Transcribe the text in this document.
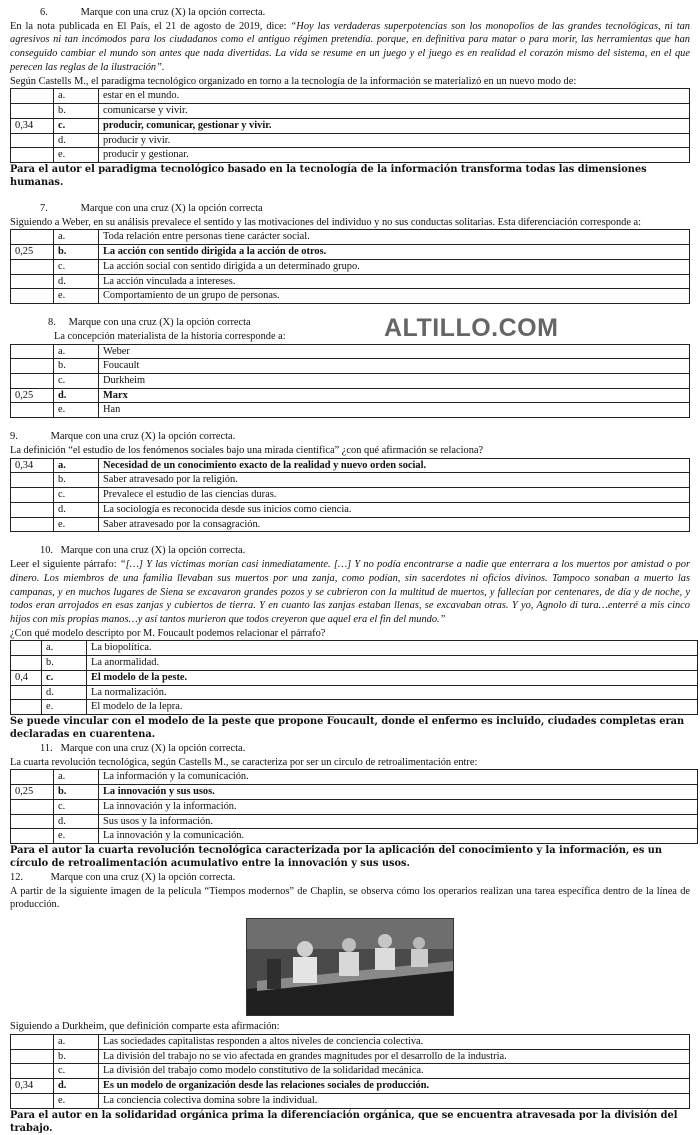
ALTILLO.COM
6.	Marque con una cruz (X) la opción correcta.

En la nota publicada en El País, el 21 de agosto de 2019, dice: “Hoy las verdaderas superpotencias son los monopolios de las grandes tecnológicas, ni tan agresivos ni tan incómodos para los ciudadanos como el antiguo régimen pretendía. porque, en definitiva para matar o para morir, las herramientas que han conseguido cambiar el mundo son antes que nada divertidas. La vida se resume en un juego y el juego es en realidad el corazón mismo del sistema, en el que perecen las reglas de la ilustración”.

Según Castells M., el paradigma tecnológico organizado en torno a la tecnología de la información se materializó en un nuevo modo de:

	a.	estar en el mundo.
	b.	comunicarse y vivir.
0,34	c.	producir, comunicar, gestionar y vivir.
	d.	producir y vivir.
	e.	producir y gestionar.

Para el autor el paradigma tecnológico basado en la tecnología de la información transforma todas las dimensiones humanas.

7.	Marque con una cruz (X) la opción correcta

Siguiendo a Weber, en su análisis prevalece el sentido y las motivaciones del individuo y no sus conductas solitarias. Esta diferenciación corresponde a:

	a.	Toda relación entre personas tiene carácter social.
0,25	b.	La acción con sentido dirigida a la acción de otros.
	c.	La acción social con sentido dirigida a un determinado grupo.
	d.	La acción vinculada a intereses.
	e.	Comportamiento de un grupo de personas.
8. Marque con una cruz (X) la opción correcta

La concepción materialista de la historia corresponde a:

	a.	Weber
	b.	Foucault
	c.	Durkheim
0,25	d.	Marx
	e.	Han
9.	Marque con una cruz (X) la opción correcta.

La definición “el estudio de los fenómenos sociales bajo una mirada científica” ¿con qué afirmación se relaciona?

0,34	a.	Necesidad de un conocimiento exacto de la realidad y nuevo orden social.
	b.	Saber atravesado por la religión.
	c.	Prevalece el estudio de las ciencias duras.
	d.	La sociología es reconocida desde sus inicios como ciencia.
	e.	Saber atravesado por la consagración.
10. Marque con una cruz (X) la opción correcta.

Leer el siguiente párrafo: “[…] Y las víctimas morían casi inmediatamente. […] Y no podía encontrarse a nadie que enterrara a los muertos por amistad o por dinero. Los miembros de una familia llevaban sus muertos por una zanja, como podían, sin sacerdotes ni oficios divinos. Tampoco sonaban a muerto las campanas, y en muchos lugares de Siena se excavaron grandes pozos y se cubrieron con la multitud de muertos, y fallecían por centenares, de día y de noche, y todos eran arrojados en esas zanjas y cubiertos de tierra. Y en cuanto las zanjas estaban llenas, se excavaban otras. Y yo, Agnolo di tura…enterré a mis cinco hijos con mis propias manos…y así tantos murieron que todos creyeron que aquel era el fin del mundo.”

¿Con qué modelo descripto por M. Foucault podemos relacionar el párrafo?

	a.	La biopolítica.
	b.	La anormalidad.
0,4	c.	El modelo de la peste.
	d.	La normalización.
	e.	El modelo de la lepra.

Se puede vincular con el modelo de la peste que propone Foucault, donde el enfermo es incluido, ciudades completas eran declaradas en cuarentena.

11. Marque con una cruz (X) la opción correcta.

La cuarta revolución tecnológica, según Castells M., se caracteriza por ser un circulo de retroalimentación entre:

	a.	La información y la comunicación.
0,25	b.	La innovación y sus usos.
	c.	La innovación y la información.
	d.	Sus usos y la información.
	e.	La innovación y la comunicación.

Para el autor la cuarta revolución tecnológica caracterizada por la aplicación del conocimiento y la información, es un círculo de retroalimentación acumulativo entre la innovación y sus usos.

12.	Marque con una cruz (X) la opción correcta.

A partir de la siguiente imagen de la película “Tiempos modernos” de Chaplin, se observa cómo los operarios realizan una tarea específica dentro de la línea de producción.

Siguiendo a Durkheim, que definición comparte esta afirmación:

	a.	Las sociedades capitalistas responden a altos niveles de conciencia colectiva.
	b.	La división del trabajo no se vio afectada en grandes magnitudes por el desarrollo de la industria.
	c.	La división del trabajo como modelo constitutivo de la solidaridad mecánica.
0,34	d.	Es un modelo de organización desde las relaciones sociales de producción.
	e.	La conciencia colectiva domina sobre la individual.

Para el autor en la solidaridad orgánica prima la diferenciación orgánica, que se encuentra atravesada por la división del trabajo.
